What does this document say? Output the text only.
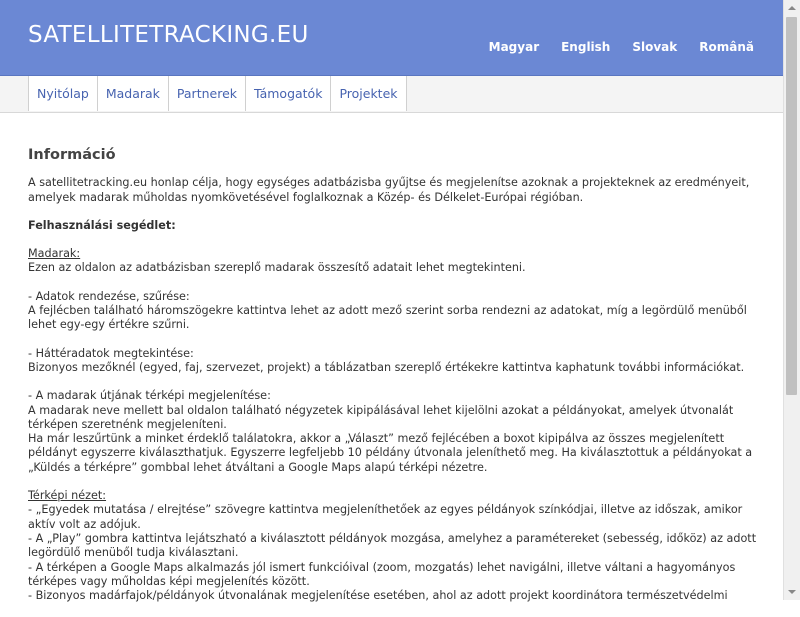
SATELLITETRACKING.EU	Magyar English Slovak Română
Nyitólap	Madarak	Partnerek	Támogatók	Projektek
Információ

A satellitetracking.eu honlap célja, hogy egységes adatbázisba gyűjtse és megjelenítse azoknak a projekteknek az eredményeit, amelyek madarak műholdas nyomkövetésével foglalkoznak a Közép- és Délkelet-Európai régióban.

Felhasználási segédlet:

Madarak:
Ezen az oldalon az adatbázisban szereplő madarak összesítő adatait lehet megtekinteni.

- Adatok rendezése, szűrése:
A fejlécben található háromszögekre kattintva lehet az adott mező szerint sorba rendezni az adatokat, míg a legördülő menüből lehet egy-egy értékre szűrni.

- Háttéradatok megtekintése:
Bizonyos mezőknél (egyed, faj, szervezet, projekt) a táblázatban szereplő értékekre kattintva kaphatunk további információkat.

- A madarak útjának térképi megjelenítése:
A madarak neve mellett bal oldalon található négyzetek kipipálásával lehet kijelölni azokat a példányokat, amelyek útvonalát térképen szeretnénk megjeleníteni.
Ha már leszűrtünk a minket érdeklő találatokra, akkor a „Választ” mező fejlécében a boxot kipipálva az összes megjelenített példányt egyszerre kiválaszthatjuk. Egyszerre legfeljebb 10 példány útvonala jeleníthető meg. Ha kiválasztottuk a példányokat a „Küldés a térképre” gombbal lehet átváltani a Google Maps alapú térképi nézetre.

Térképi nézet:
- „Egyedek mutatása / elrejtése” szövegre kattintva megjeleníthetőek az egyes példányok színkódjai, illetve az időszak, amikor aktív volt az adójuk.
- A „Play” gombra kattintva lejátszható a kiválasztott példányok mozgása, amelyhez a paramétereket (sebesség, időköz) az adott legördülő menüből tudja kiválasztani.
- A térképen a Google Maps alkalmazás jól ismert funkcióival (zoom, mozgatás) lehet navigálni, illetve váltani a hagyományos térképes vagy műholdas képi megjelenítés között.
- Bizonyos madárfajok/példányok útvonalának megjelenítése esetében, ahol az adott projekt koordinátora természetvédelmi
